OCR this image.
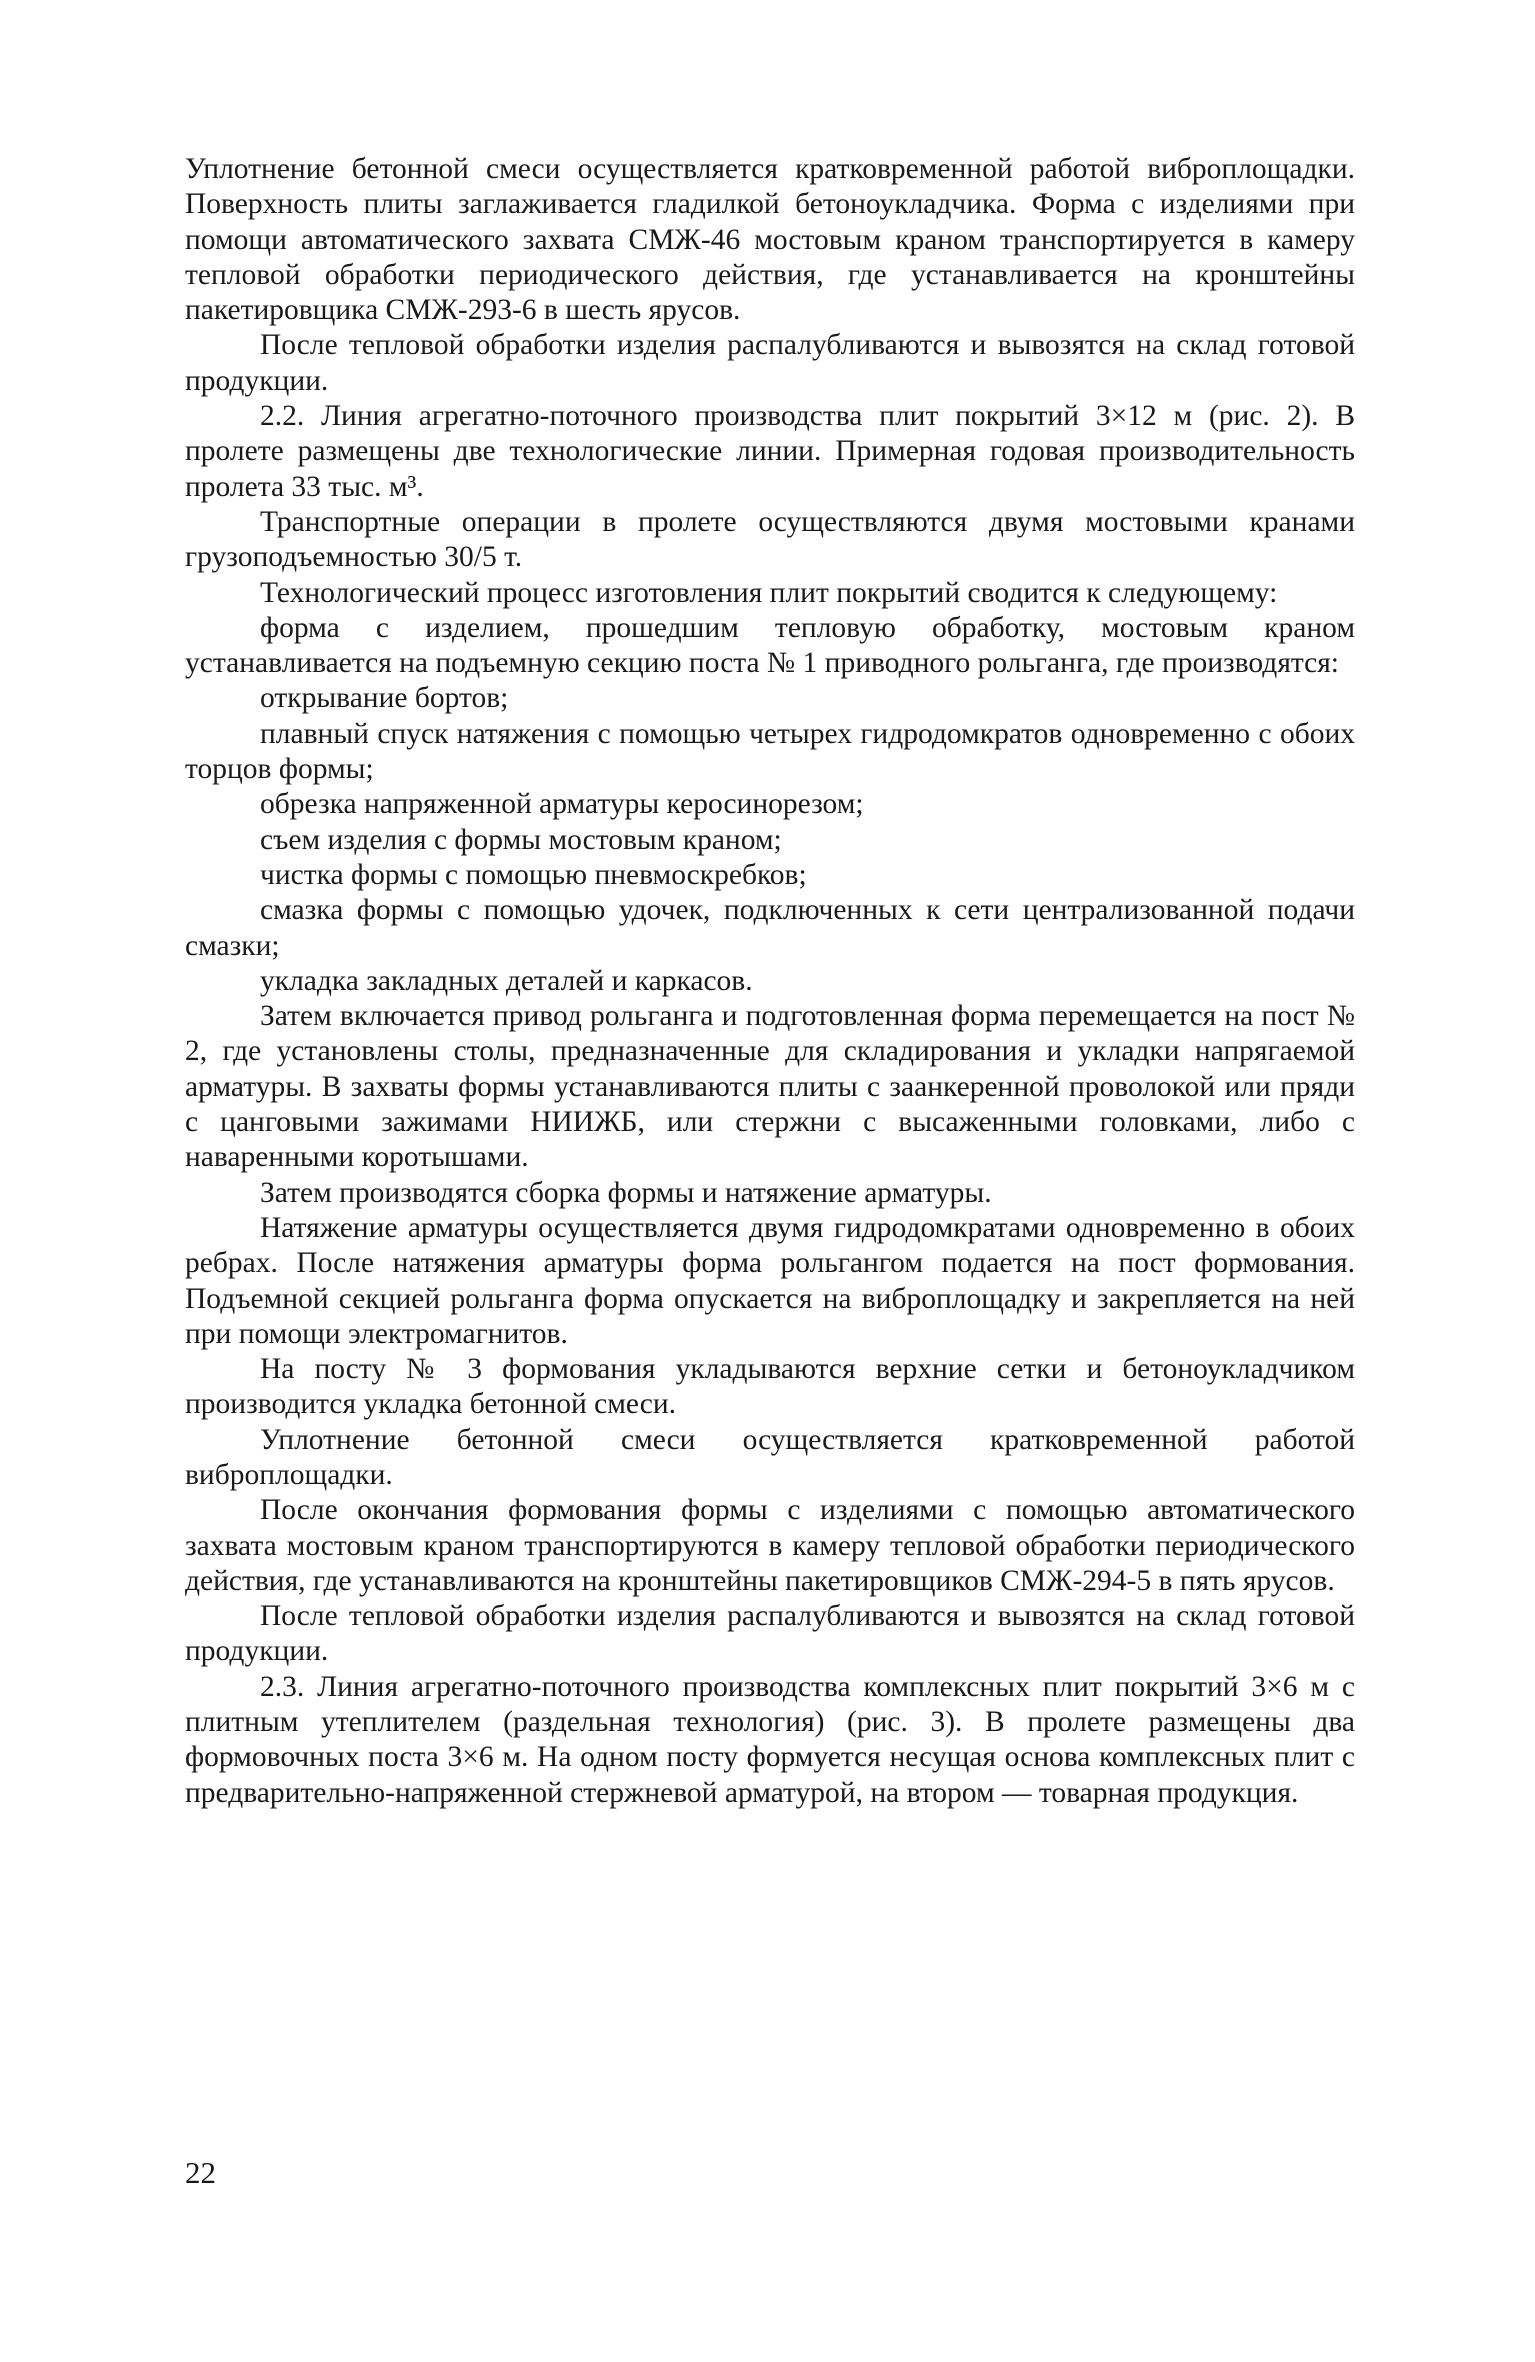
Уплотнение бетонной смеси осуществляется кратковременной работой виброплощадки. Поверхность плиты заглаживается гладилкой бетоноукладчика. Форма с изделиями при помощи автоматического захвата СМЖ-46 мостовым краном транспортируется в камеру тепловой обработки периодического действия, где устанавливается на кронштейны пакетировщика СМЖ-293-6 в шесть ярусов.

После тепловой обработки изделия распалубливаются и вывозятся на склад готовой продукции.

2.2. Линия агрегатно-поточного производства плит покрытий 3×12 м (рис. 2). В пролете размещены две технологические линии. Примерная годовая производительность пролета 33 тыс. м³.

Транспортные операции в пролете осуществляются двумя мостовыми кранами грузоподъемностью 30/5 т.

Технологический процесс изготовления плит покрытий сводится к следующему:

форма с изделием, прошедшим тепловую обработку, мостовым краном устанавливается на подъемную секцию поста № 1 приводного рольганга, где производятся:

открывание бортов;

плавный спуск натяжения с помощью четырех гидродомкратов одновременно с обоих торцов формы;

обрезка напряженной арматуры керосинорезом;

съем изделия с формы мостовым краном;

чистка формы с помощью пневмоскребков;

смазка формы с помощью удочек, подключенных к сети централизованной подачи смазки;

укладка закладных деталей и каркасов.

Затем включается привод рольганга и подготовленная форма перемещается на пост № 2, где установлены столы, предназначенные для складирования и укладки напрягаемой арматуры. В захваты формы устанавливаются плиты с заанкеренной проволокой или пряди с цанговыми зажимами НИИЖБ, или стержни с высаженными головками, либо с наваренными коротышами.

Затем производятся сборка формы и натяжение арматуры.

Натяжение арматуры осуществляется двумя гидродомкратами одновременно в обоих ребрах. После натяжения арматуры форма рольгангом подается на пост формования. Подъемной секцией рольганга форма опускается на виброплощадку и закрепляется на ней при помощи электромагнитов.

На посту № 3 формования укладываются верхние сетки и бетоноукладчиком производится укладка бетонной смеси.

Уплотнение бетонной смеси осуществляется кратковременной работой виброплощадки.

После окончания формования формы с изделиями с помощью автоматического захвата мостовым краном транспортируются в камеру тепловой обработки периодического действия, где устанавливаются на кронштейны пакетировщиков СМЖ-294-5 в пять ярусов.

После тепловой обработки изделия распалубливаются и вывозятся на склад готовой продукции.

2.3. Линия агрегатно-поточного производства комплексных плит покрытий 3×6 м с плитным утеплителем (раздельная технология) (рис. 3). В пролете размещены два формовочных поста 3×6 м. На одном посту формуется несущая основа комплексных плит с предварительно-напряженной стержневой арматурой, на втором — товарная продукция.

22
